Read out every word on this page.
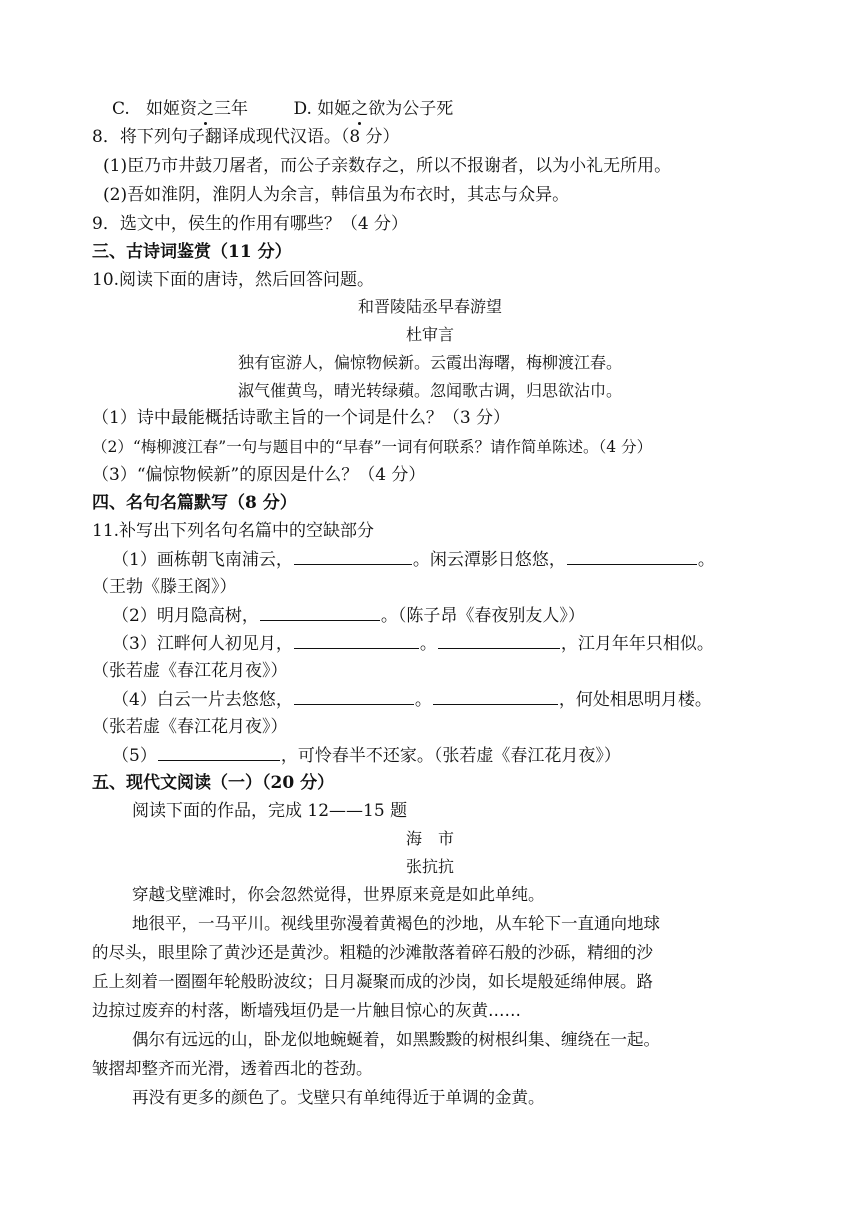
C. 如姬资之三年	D. 如姬之欲为公子死
8．将下列句子翻译成现代汉语。（8 分）
(1)臣乃市井鼓刀屠者，而公子亲数存之，所以不报谢者，以为小礼无所用。
(2)吾如淮阴，淮阴人为余言，韩信虽为布衣时，其志与众异。
9．选文中，侯生的作用有哪些？（4 分）
三、古诗词鉴赏（11 分）
10.阅读下面的唐诗，然后回答问题。
和晋陵陆丞早春游望
杜审言
独有宦游人，偏惊物候新。云霞出海曙，梅柳渡江春。
淑气催黄鸟，晴光转绿蘋。忽闻歌古调，归思欲沾巾。
（1）诗中最能概括诗歌主旨的一个词是什么？（3 分）
（2）“梅柳渡江春”一句与题目中的“早春”一词有何联系？请作简单陈述。（4 分）
（3）“偏惊物候新”的原因是什么？（4 分）
四、名句名篇默写（8 分）
11.补写出下列名句名篇中的空缺部分
（1）画栋朝飞南浦云，	。闲云潭影日悠悠，	。
（王勃《滕王阁》）
（2）明月隐高树，	。（陈子昂《春夜别友人》）
（3）江畔何人初见月，	。	，江月年年只相似。
（张若虚《春江花月夜》）
（4）白云一片去悠悠，	。	，何处相思明月楼。
（张若虚《春江花月夜》）
（5）	，可怜春半不还家。（张若虚《春江花月夜》）
五、现代文阅读（一）（20 分）
阅读下面的作品，完成 12——15 题
海　市
张抗抗
穿越戈壁滩时，你会忽然觉得，世界原来竟是如此单纯。
地很平，一马平川。视线里弥漫着黄褐色的沙地，从车轮下一直通向地球
的尽头，眼里除了黄沙还是黄沙。粗糙的沙滩散落着碎石般的沙砾，精细的沙
丘上刻着一圈圈年轮般盼波纹；日月凝聚而成的沙岗，如长堤般延绵伸展。路
边掠过废弃的村落，断墙残垣仍是一片触目惊心的灰黄……
偶尔有远远的山，卧龙似地蜿蜒着，如黑黢黢的树根纠集、缠绕在一起。
皱摺却整齐而光滑，透着西北的苍劲。
再没有更多的颜色了。戈壁只有单纯得近于单调的金黄。
